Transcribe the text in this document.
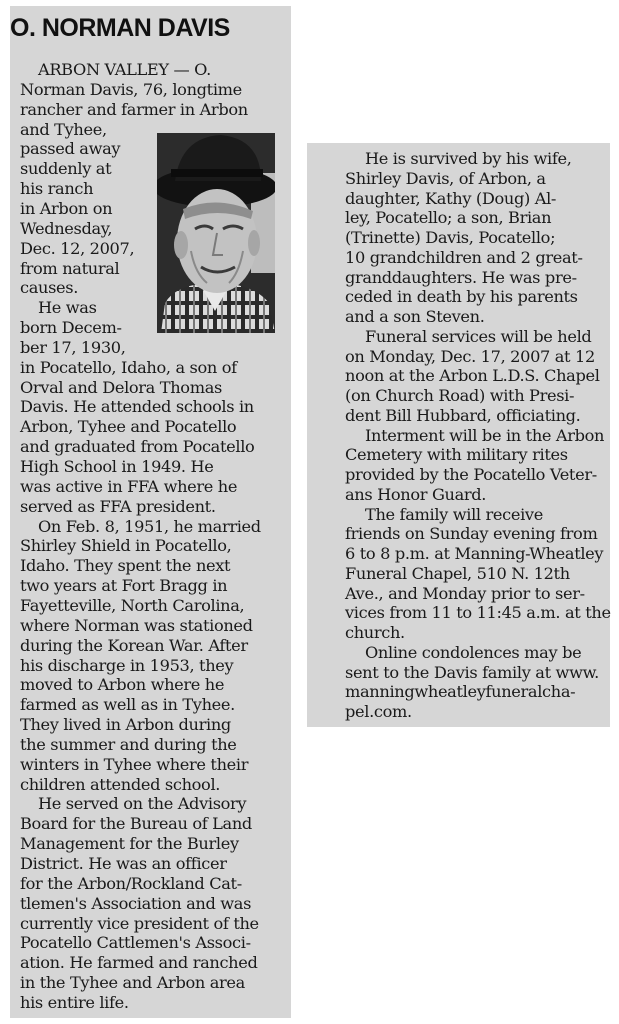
O. NORMAN DAVIS
ARBON VALLEY — O.
Norman Davis, 76, longtime
rancher and farmer in Arbon
and Tyhee,
passed away
suddenly at
his ranch
in Arbon on
Wednesday,
Dec. 12, 2007,
from natural
causes.
He was
born Decem-
ber 17, 1930,
in Pocatello, Idaho, a son of
Orval and Delora Thomas
Davis. He attended schools in
Arbon, Tyhee and Pocatello
and graduated from Pocatello
High School in 1949. He
was active in FFA where he
served as FFA president.
On Feb. 8, 1951, he married
Shirley Shield in Pocatello,
Idaho. They spent the next
two years at Fort Bragg in
Fayetteville, North Carolina,
where Norman was stationed
during the Korean War. After
his discharge in 1953, they
moved to Arbon where he
farmed as well as in Tyhee.
They lived in Arbon during
the summer and during the
winters in Tyhee where their
children attended school.
He served on the Advisory
Board for the Bureau of Land
Management for the Burley
District. He was an officer
for the Arbon/Rockland Cat-
tlemen's Association and was
currently vice president of the
Pocatello Cattlemen's Associ-
ation. He farmed and ranched
in the Tyhee and Arbon area
his entire life.
He is survived by his wife,
Shirley Davis, of Arbon, a
daughter, Kathy (Doug) Al-
ley, Pocatello; a son, Brian
(Trinette) Davis, Pocatello;
10 grandchildren and 2 great-
granddaughters. He was pre-
ceded in death by his parents
and a son Steven.
Funeral services will be held
on Monday, Dec. 17, 2007 at 12
noon at the Arbon L.D.S. Chapel
(on Church Road) with Presi-
dent Bill Hubbard, officiating.
Interment will be in the Arbon
Cemetery with military rites
provided by the Pocatello Veter-
ans Honor Guard.
The family will receive
friends on Sunday evening from
6 to 8 p.m. at Manning-Wheatley
Funeral Chapel, 510 N. 12th
Ave., and Monday prior to ser-
vices from 11 to 11:45 a.m. at the
church.
Online condolences may be
sent to the Davis family at www.
manningwheatleyfuneralcha-
pel.com.
